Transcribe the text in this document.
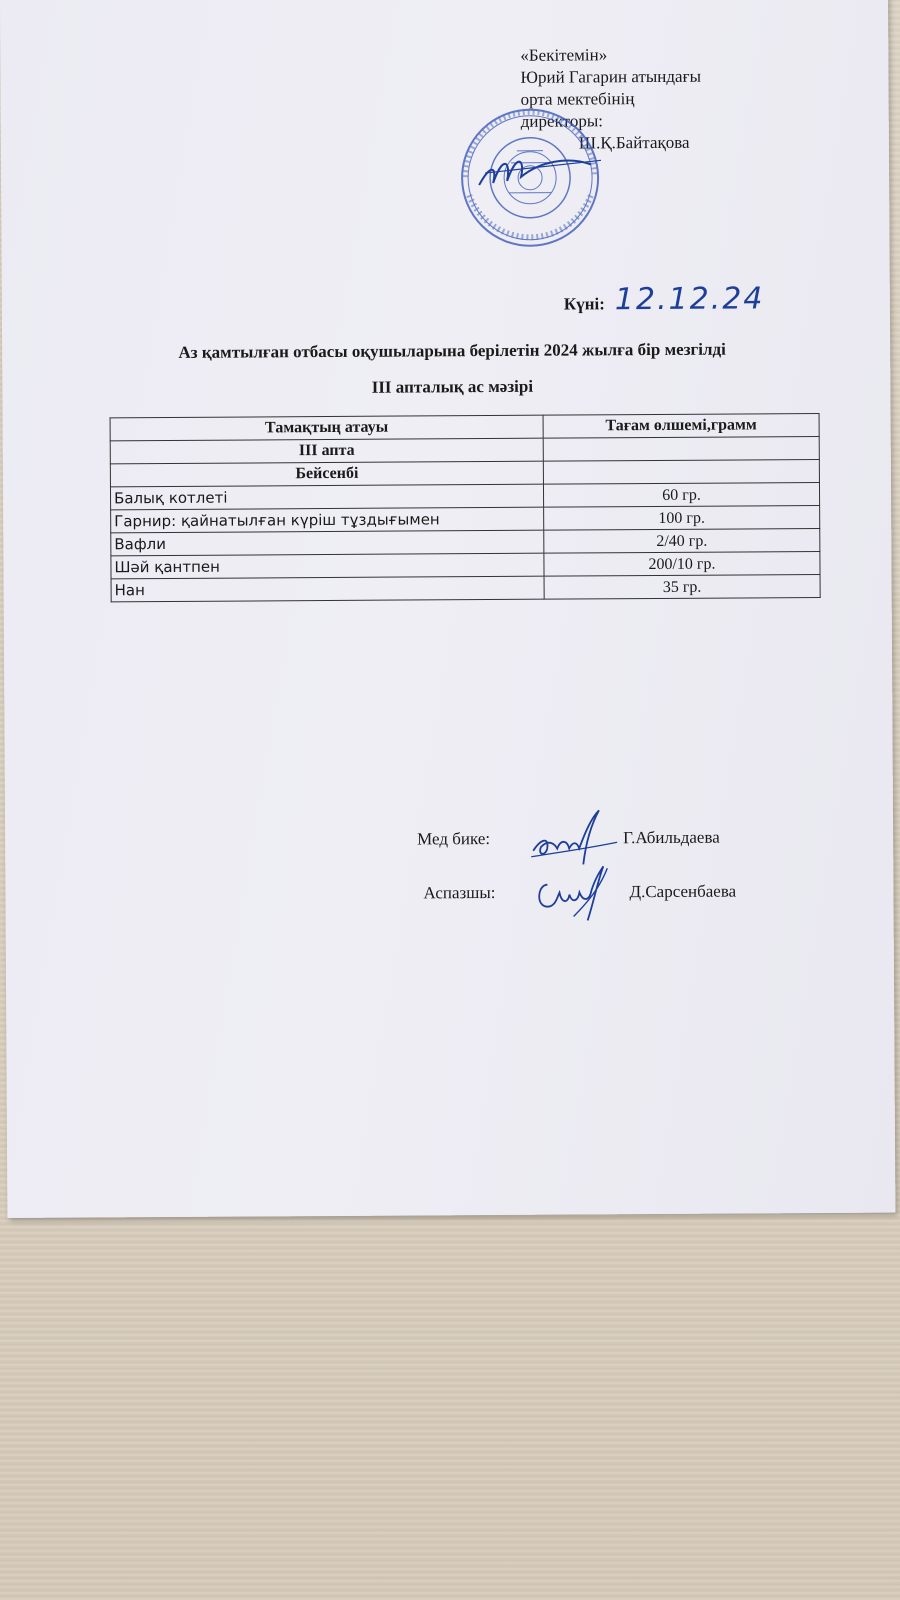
«Бекітемін»
Юрий Гагарин атындағы
орта мектебінің
директоры:
Ш.Қ.Байтақова
Күні: 12.12.24
Аз қамтылған отбасы оқушыларына берілетін 2024 жылға бір мезгілді
ІІІ апталық ас мәзірі
Тамақтың атауы	Тағам өлшемі,грамм
ІІІ апта	
Бейсенбі	
Балық котлеті	60 гр.
Гарнир: қайнатылған күріш тұздығымен	100 гр.
Вафли	2/40 гр.
Шәй қантпен	200/10 гр.
Нан	35 гр.
Мед бике:	Г.Абильдаева
Аспазшы:	Д.Сарсенбаева
